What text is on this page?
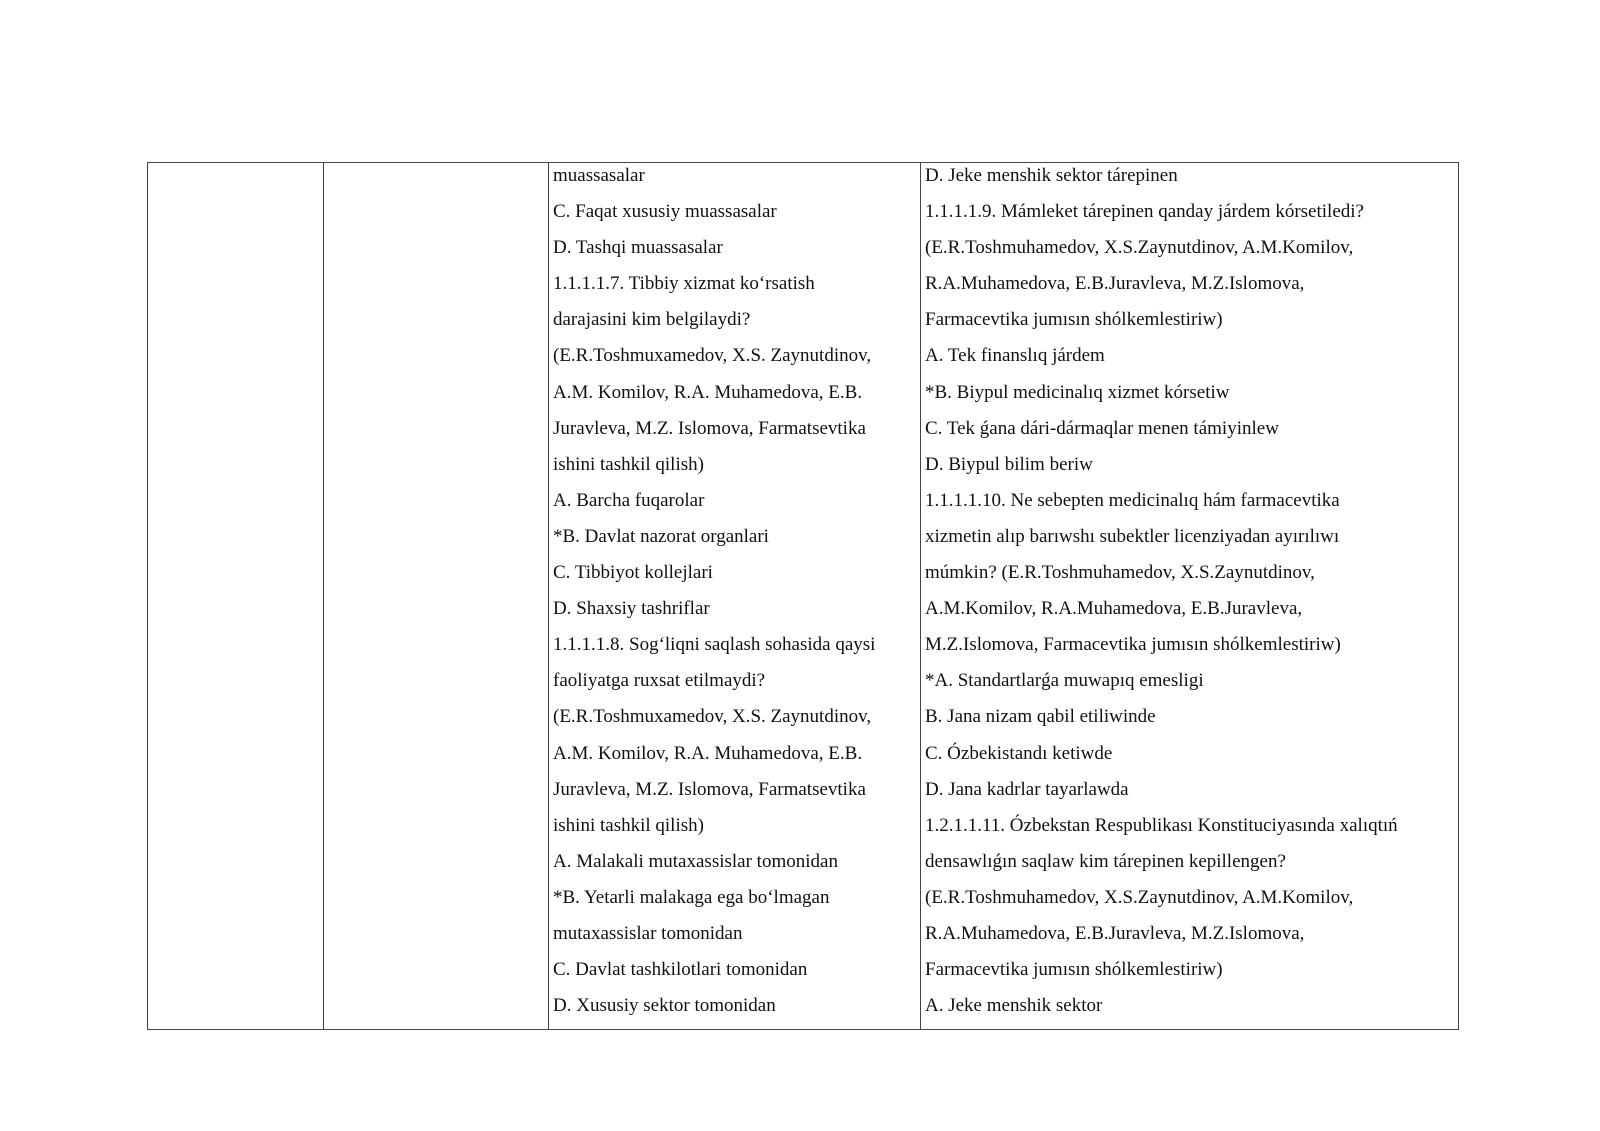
muassasalar
C. Faqat xususiy muassasalar
D. Tashqi muassasalar
1.1.1.1.7. Tibbiy xizmat ko‘rsatish
darajasini kim belgilaydi?
(E.R.Toshmuxamedov, X.S. Zaynutdinov,
A.M. Komilov, R.A. Muhamedova, E.B.
Juravleva, M.Z. Islomova, Farmatsevtika
ishini tashkil qilish)
A. Barcha fuqarolar
*B. Davlat nazorat organlari
C. Tibbiyot kollejlari
D. Shaxsiy tashriflar
1.1.1.1.8. Sog‘liqni saqlash sohasida qaysi
faoliyatga ruxsat etilmaydi?
(E.R.Toshmuxamedov, X.S. Zaynutdinov,
A.M. Komilov, R.A. Muhamedova, E.B.
Juravleva, M.Z. Islomova, Farmatsevtika
ishini tashkil qilish)
A. Malakali mutaxassislar tomonidan
*B. Yetarli malakaga ega bo‘lmagan
mutaxassislar tomonidan
C. Davlat tashkilotlari tomonidan
D. Xususiy sektor tomonidan
D. Jeke menshik sektor tárepinen
1.1.1.1.9. Mámleket tárepinen qanday járdem kórsetiledi?
(E.R.Toshmuhamedov, X.S.Zaynutdinov, A.M.Komilov,
R.A.Muhamedova, E.B.Juravleva, M.Z.Islomova,
Farmacevtika jumısın shólkemlestiriw)
A. Tek finanslıq járdem
*B. Biypul medicinalıq xizmet kórsetiw
C. Tek ǵana dári-dármaqlar menen támiyinlew
D. Biypul bilim beriw
1.1.1.1.10. Ne sebepten medicinalıq hám farmacevtika
xizmetin alıp barıwshı subektler licenziyadan ayırılıwı
múmkin? (E.R.Toshmuhamedov, X.S.Zaynutdinov,
A.M.Komilov, R.A.Muhamedova, E.B.Juravleva,
M.Z.Islomova, Farmacevtika jumısın shólkemlestiriw)
*A. Standartlarǵa muwapıq emesligi
B. Jana nizam qabil etiliwinde
C. Ózbekistandı ketiwde
D. Jana kadrlar tayarlawda
1.2.1.1.11. Ózbekstan Respublikası Konstituciyasında xalıqtıń
densawlıǵın saqlaw kim tárepinen kepillengen?
(E.R.Toshmuhamedov, X.S.Zaynutdinov, A.M.Komilov,
R.A.Muhamedova, E.B.Juravleva, M.Z.Islomova,
Farmacevtika jumısın shólkemlestiriw)
A. Jeke menshik sektor
